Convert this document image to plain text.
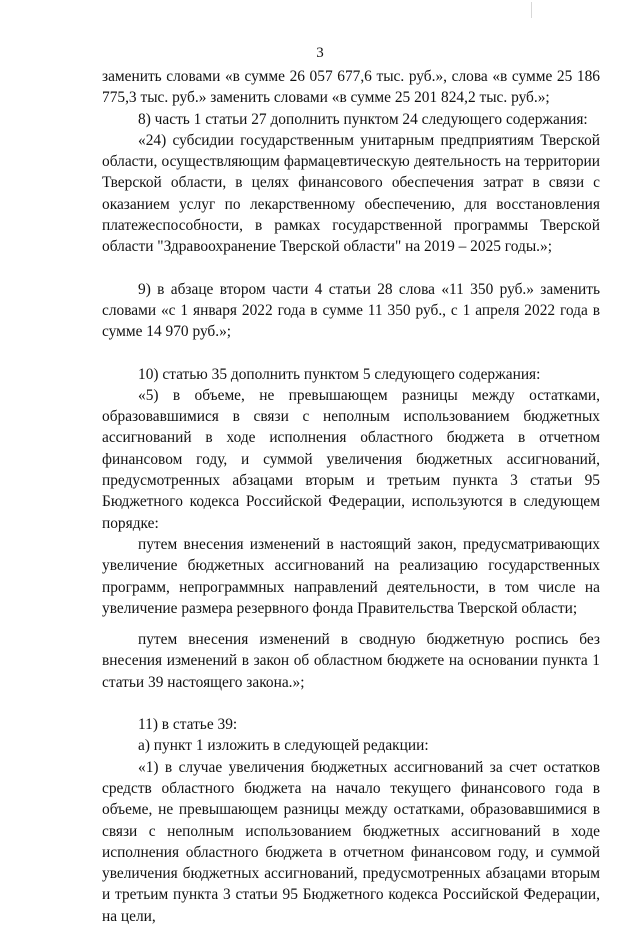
3

заменить словами «в сумме 26 057 677,6 тыс. руб.», слова «в сумме 25 186 775,3 тыс. руб.» заменить словами «в сумме 25 201 824,2 тыс. руб.»;

8) часть 1 статьи 27 дополнить пунктом 24 следующего содержания:

«24) субсидии государственным унитарным предприятиям Тверской области, осуществляющим фармацевтическую деятельность на территории Тверской области, в целях финансового обеспечения затрат в связи с оказанием услуг по лекарственному обеспечению, для восстановления платежеспособности, в рамках государственной программы Тверской области "Здравоохранение Тверской области" на 2019 – 2025 годы.»;

9) в абзаце втором части 4 статьи 28 слова «11 350 руб.» заменить словами «с 1 января 2022 года в сумме 11 350 руб., с 1 апреля 2022 года в сумме 14 970 руб.»;

10) статью 35 дополнить пунктом 5 следующего содержания:

«5) в объеме, не превышающем разницы между остатками, образовавшимися в связи с неполным использованием бюджетных ассигнований в ходе исполнения областного бюджета в отчетном финансовом году, и суммой увеличения бюджетных ассигнований, предусмотренных абзацами вторым и третьим пункта 3 статьи 95 Бюджетного кодекса Российской Федерации, используются в следующем порядке:

путем внесения изменений в настоящий закон, предусматривающих увеличение бюджетных ассигнований на реализацию государственных программ, непрограммных направлений деятельности, в том числе на увеличение размера резервного фонда Правительства Тверской области;

путем внесения изменений в сводную бюджетную роспись без внесения изменений в закон об областном бюджете на основании пункта 1 статьи 39 настоящего закона.»;

11) в статье 39:

а) пункт 1 изложить в следующей редакции:

«1) в случае увеличения бюджетных ассигнований за счет остатков средств областного бюджета на начало текущего финансового года в объеме, не превышающем разницы между остатками, образовавшимися в связи с неполным использованием бюджетных ассигнований в ходе исполнения областного бюджета в отчетном финансовом году, и суммой увеличения бюджетных ассигнований, предусмотренных абзацами вторым и третьим пункта 3 статьи 95 Бюджетного кодекса Российской Федерации, на цели,
